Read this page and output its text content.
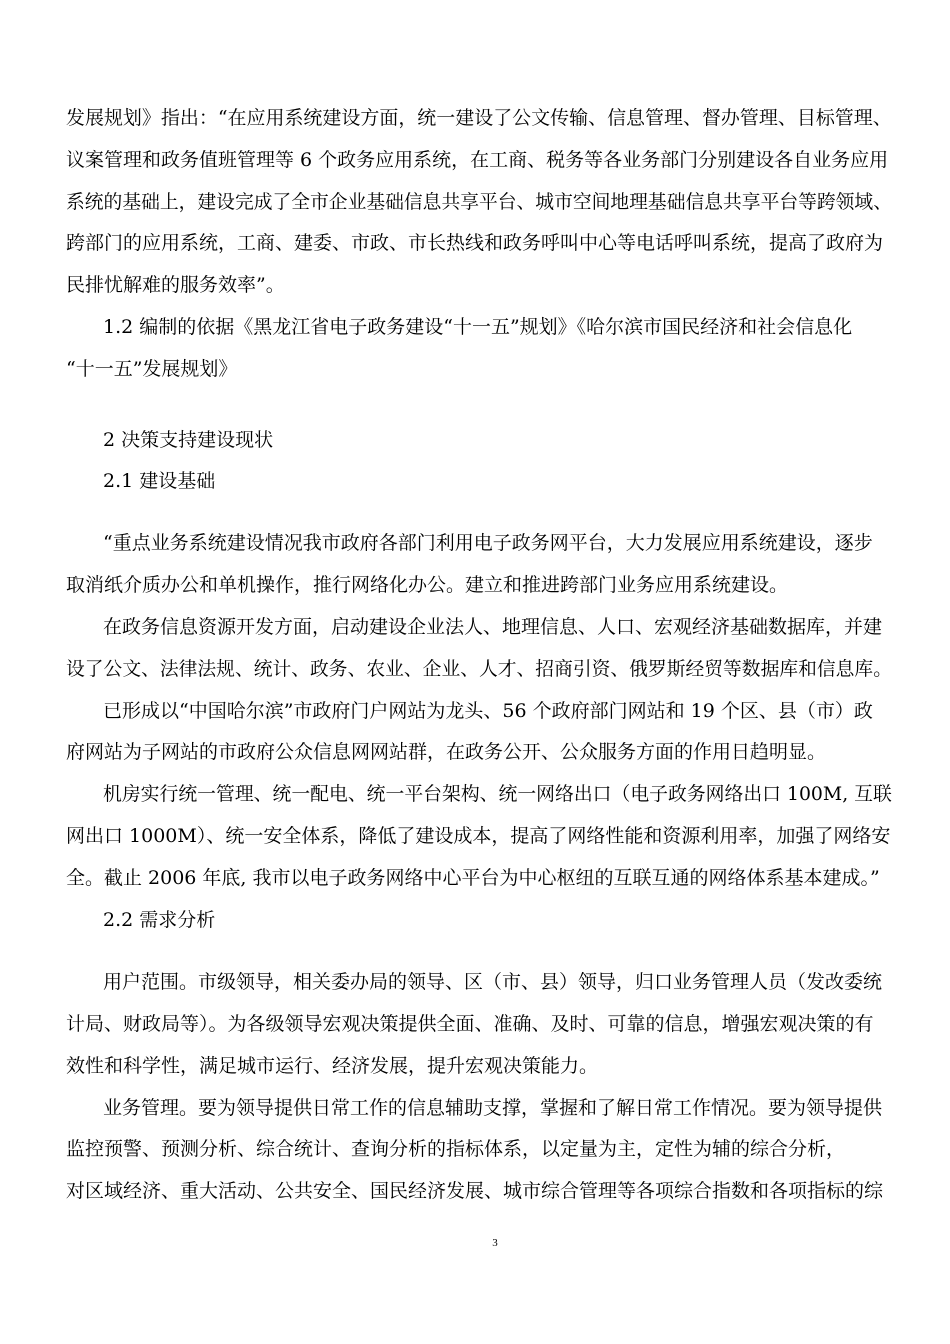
发展规划》指出：“在应用系统建设方面，统一建设了公文传输、信息管理、督办管理、目标管理、
议案管理和政务值班管理等 6 个政务应用系统，在工商、税务等各业务部门分别建设各自业务应用
系统的基础上，建设完成了全市企业基础信息共享平台、城市空间地理基础信息共享平台等跨领域、
跨部门的应用系统，工商、建委、市政、市长热线和政务呼叫中心等电话呼叫系统，提高了政府为
民排忧解难的服务效率”。
1.2 编制的依据《黑龙江省电子政务建设“十一五”规划》《哈尔滨市国民经济和社会信息化
“十一五”发展规划》
2 决策支持建设现状
2.1 建设基础
“重点业务系统建设情况我市政府各部门利用电子政务网平台，大力发展应用系统建设，逐步
取消纸介质办公和单机操作，推行网络化办公。建立和推进跨部门业务应用系统建设。
在政务信息资源开发方面，启动建设企业法人、地理信息、人口、宏观经济基础数据库，并建
设了公文、法律法规、统计、政务、农业、企业、人才、招商引资、俄罗斯经贸等数据库和信息库。
已形成以“中国哈尔滨”市政府门户网站为龙头、56 个政府部门网站和 19 个区、县（市）政
府网站为子网站的市政府公众信息网网站群，在政务公开、公众服务方面的作用日趋明显。
机房实行统一管理、统一配电、统一平台架构、统一网络出口（电子政务网络出口 100M, 互联
网出口 1000M）、统一安全体系，降低了建设成本，提高了网络性能和资源利用率，加强了网络安
全。截止 2006 年底, 我市以电子政务网络中心平台为中心枢纽的互联互通的网络体系基本建成。”
2.2 需求分析
用户范围。市级领导，相关委办局的领导、区（市、县）领导，归口业务管理人员（发改委统
计局、财政局等）。为各级领导宏观决策提供全面、准确、及时、可靠的信息，增强宏观决策的有
效性和科学性，满足城市运行、经济发展，提升宏观决策能力。
业务管理。要为领导提供日常工作的信息辅助支撑，掌握和了解日常工作情况。要为领导提供
监控预警、预测分析、综合统计、查询分析的指标体系，以定量为主，定性为辅的综合分析，
对区域经济、重大活动、公共安全、国民经济发展、城市综合管理等各项综合指数和各项指标的综
3
